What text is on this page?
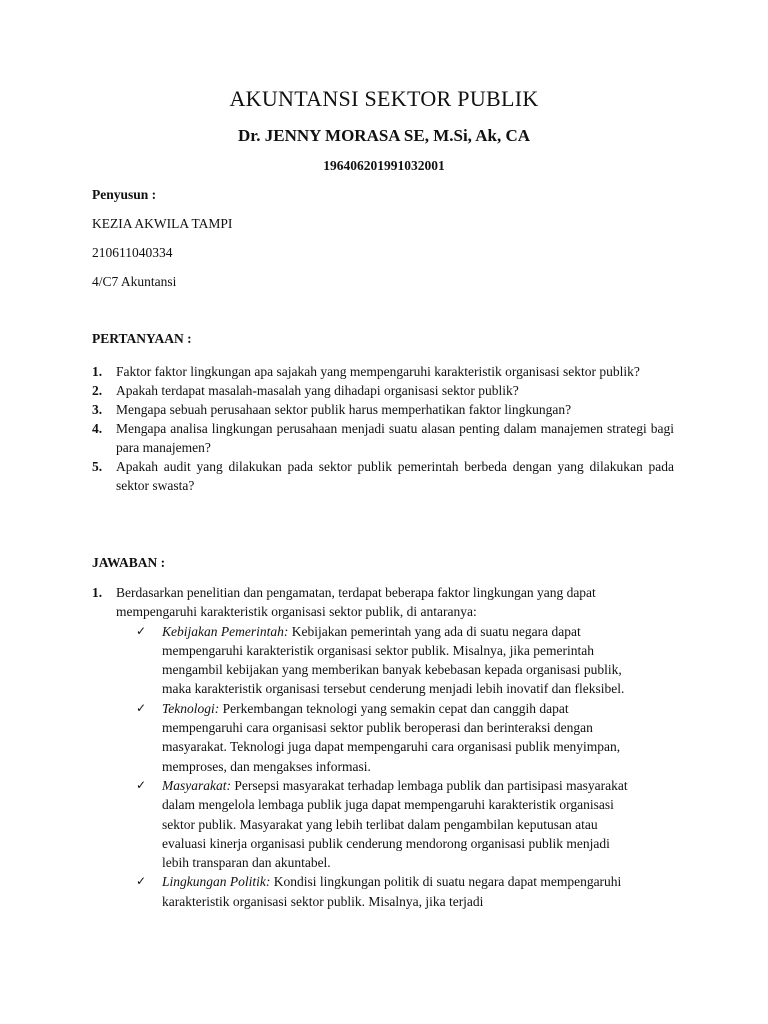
AKUNTANSI SEKTOR PUBLIK
Dr. JENNY MORASA SE, M.Si, Ak, CA
196406201991032001
Penyusun :
KEZIA AKWILA TAMPI
210611040334
4/C7 Akuntansi
PERTANYAAN :
1.	Faktor faktor lingkungan apa sajakah yang mempengaruhi karakteristik organisasi sektor publik?
2.	Apakah terdapat masalah-masalah yang dihadapi organisasi sektor publik?
3.	Mengapa sebuah perusahaan sektor publik harus memperhatikan faktor lingkungan?
4.	Mengapa analisa lingkungan perusahaan menjadi suatu alasan penting dalam manajemen strategi bagi para manajemen?
5.	Apakah audit yang dilakukan pada sektor publik pemerintah berbeda dengan yang dilakukan pada sektor swasta?
JAWABAN :
1.	Berdasarkan penelitian dan pengamatan, terdapat beberapa faktor lingkungan yang dapat mempengaruhi karakteristik organisasi sektor publik, di antaranya:
✓	Kebijakan Pemerintah: Kebijakan pemerintah yang ada di suatu negara dapat mempengaruhi karakteristik organisasi sektor publik. Misalnya, jika pemerintah mengambil kebijakan yang memberikan banyak kebebasan kepada organisasi publik, maka karakteristik organisasi tersebut cenderung menjadi lebih inovatif dan fleksibel.
✓	Teknologi: Perkembangan teknologi yang semakin cepat dan canggih dapat mempengaruhi cara organisasi sektor publik beroperasi dan berinteraksi dengan masyarakat. Teknologi juga dapat mempengaruhi cara organisasi publik menyimpan, memproses, dan mengakses informasi.
✓	Masyarakat: Persepsi masyarakat terhadap lembaga publik dan partisipasi masyarakat dalam mengelola lembaga publik juga dapat mempengaruhi karakteristik organisasi sektor publik. Masyarakat yang lebih terlibat dalam pengambilan keputusan atau evaluasi kinerja organisasi publik cenderung mendorong organisasi publik menjadi lebih transparan dan akuntabel.
✓	Lingkungan Politik: Kondisi lingkungan politik di suatu negara dapat mempengaruhi karakteristik organisasi sektor publik. Misalnya, jika terjadi
